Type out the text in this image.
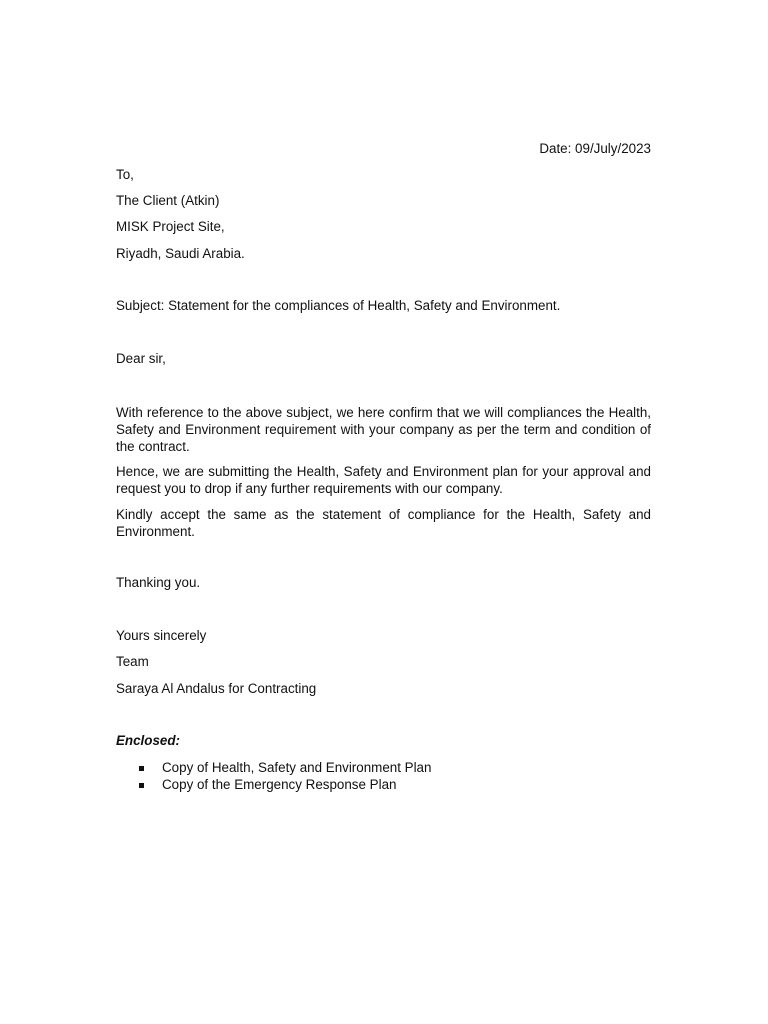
Date: 09/July/2023
To,
The Client (Atkin)
MISK Project Site,
Riyadh, Saudi Arabia.
Subject: Statement for the compliances of Health, Safety and Environment.
Dear sir,
With reference to the above subject, we here confirm that we will compliances the Health, Safety and Environment requirement with your company as per the term and condition of the contract.
Hence, we are submitting the Health, Safety and Environment plan for your approval and request you to drop if any further requirements with our company.
Kindly accept the same as the statement of compliance for the Health, Safety and Environment.
Thanking you.
Yours sincerely
Team
Saraya Al Andalus for Contracting
Enclosed:
Copy of Health, Safety and Environment Plan
Copy of the Emergency Response Plan
